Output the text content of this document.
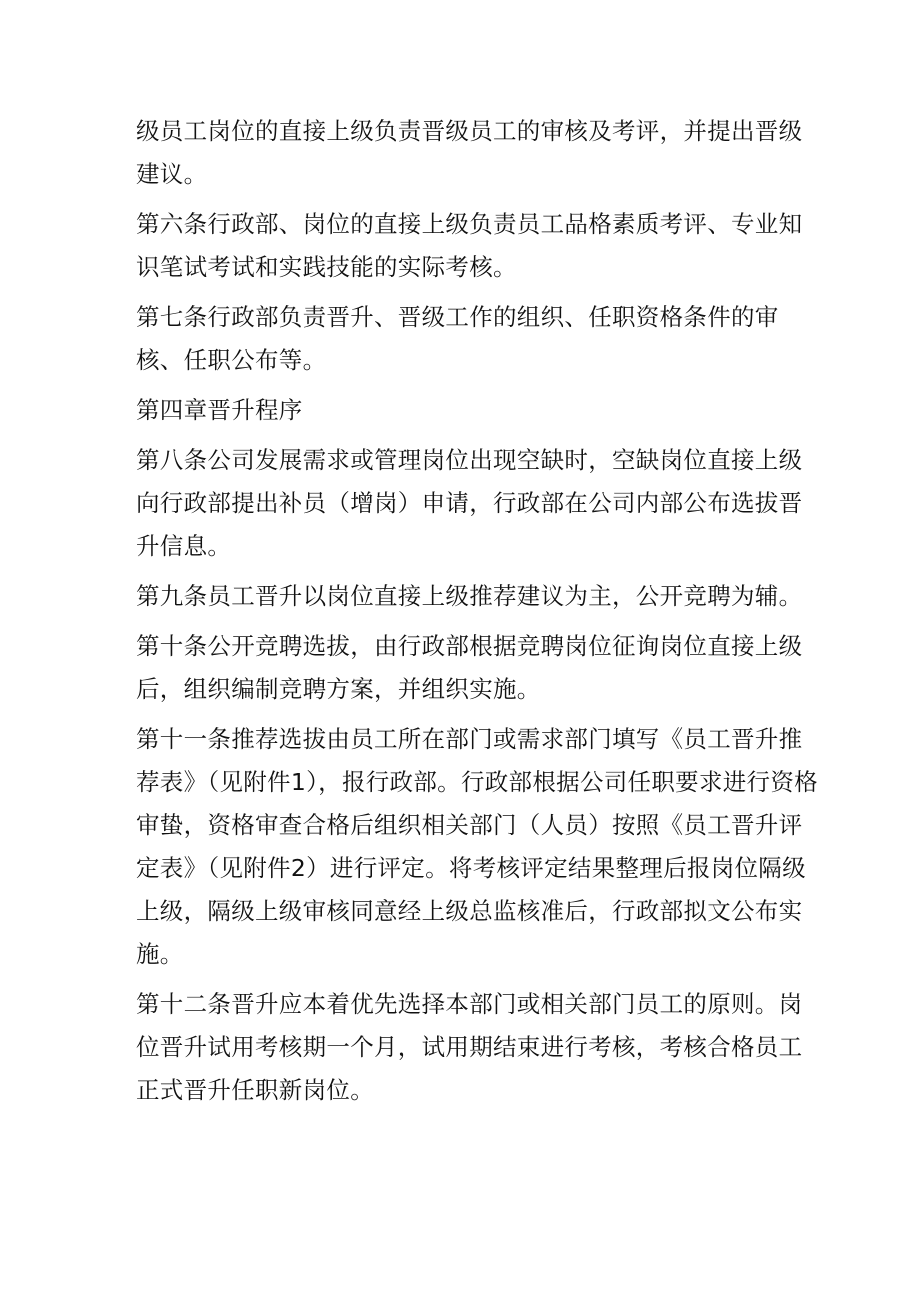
级员工岗位的直接上级负责晋级员工的审核及考评，并提出晋级建议。

第六条行政部、岗位的直接上级负责员工品格素质考评、专业知识笔试考试和实践技能的实际考核。

第七条行政部负责晋升、晋级工作的组织、任职资格条件的审核、任职公布等。

第四章晋升程序

第八条公司发展需求或管理岗位出现空缺时，空缺岗位直接上级向行政部提出补员（增岗）申请，行政部在公司内部公布选拔晋升信息。

第九条员工晋升以岗位直接上级推荐建议为主，公开竞聘为辅。

第十条公开竞聘选拔，由行政部根据竞聘岗位征询岗位直接上级后，组织编制竞聘方案，并组织实施。

第十一条推荐选拔由员工所在部门或需求部门填写《员工晋升推荐表》（见附件1），报行政部。行政部根据公司任职要求进行资格审蛰，资格审查合格后组织相关部门（人员）按照《员工晋升评定表》（见附件2）进行评定。将考核评定结果整理后报岗位隔级上级，隔级上级审核同意经上级总监核准后，行政部拟文公布实施。

第十二条晋升应本着优先选择本部门或相关部门员工的原则。岗位晋升试用考核期一个月，试用期结束进行考核，考核合格员工正式晋升任职新岗位。
